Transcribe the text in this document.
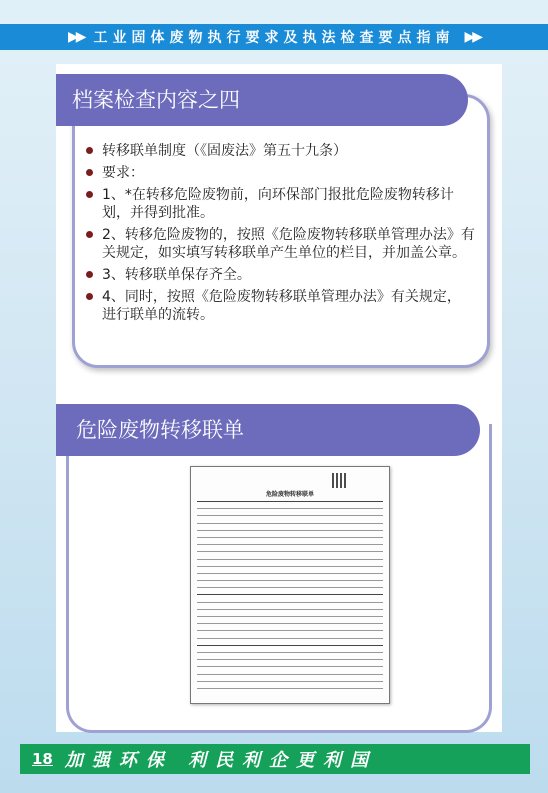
▶▶ 工业固体废物执行要求及执法检查要点指南 ▶▶
档案检查内容之四
转移联单制度（《固废法》第五十九条）
要求：
1、*在转移危险废物前，向环保部门报批危险废物转移计划，并得到批准。
2、转移危险废物的，按照《危险废物转移联单管理办法》有关规定，如实填写转移联单产生单位的栏目，并加盖公章。
3、转移联单保存齐全。
4、同时，按照《危险废物转移联单管理办法》有关规定， 进行联单的流转。
危险废物转移联单
危险废物转移联单
18 加强环保 利民利企更利国
